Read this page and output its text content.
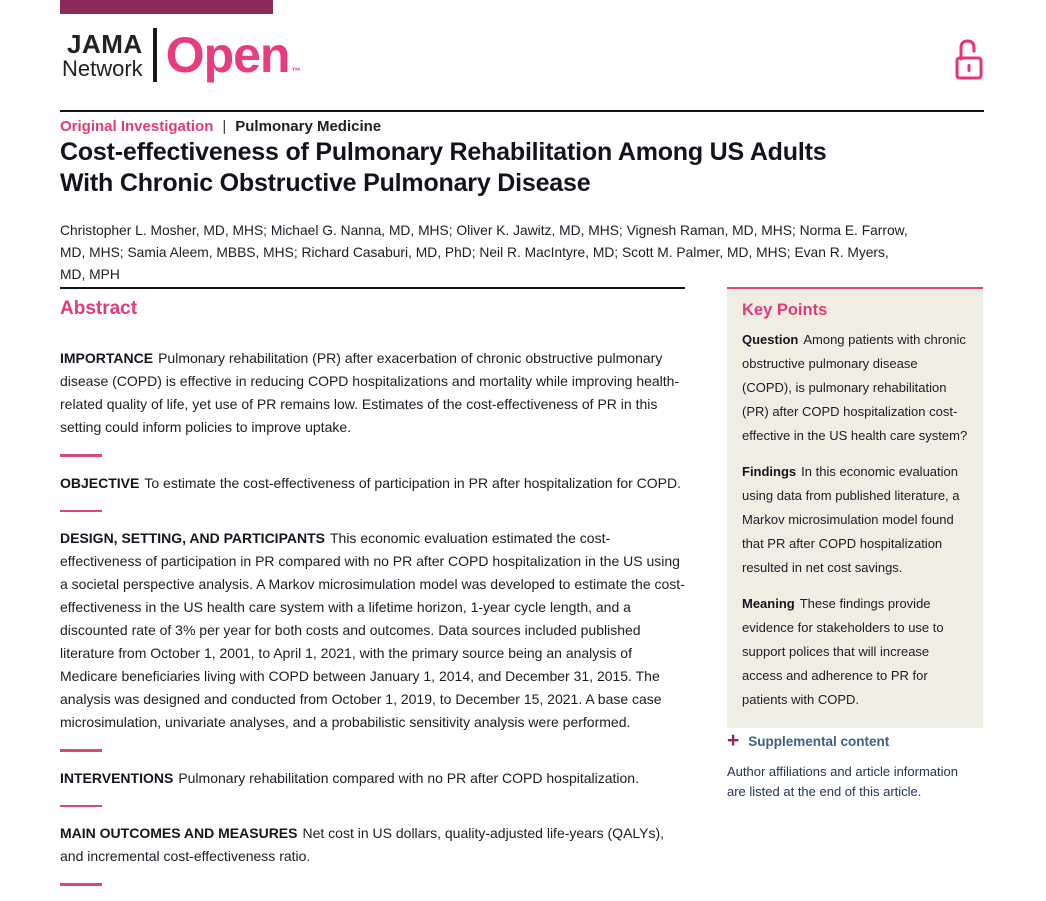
JAMA
Network Open ™
Original Investigation | Pulmonary Medicine
Cost-effectiveness of Pulmonary Rehabilitation Among US Adults With Chronic Obstructive Pulmonary Disease

Christopher L. Mosher, MD, MHS; Michael G. Nanna, MD, MHS; Oliver K. Jawitz, MD, MHS; Vignesh Raman, MD, MHS; Norma E. Farrow, MD, MHS; Samia Aleem, MBBS, MHS; Richard Casaburi, MD, PhD; Neil R. MacIntyre, MD; Scott M. Palmer, MD, MHS; Evan R. Myers, MD, MPH

Abstract

IMPORTANCE Pulmonary rehabilitation (PR) after exacerbation of chronic obstructive pulmonary disease (COPD) is effective in reducing COPD hospitalizations and mortality while improving health-related quality of life, yet use of PR remains low. Estimates of the cost-effectiveness of PR in this setting could inform policies to improve uptake.

OBJECTIVE To estimate the cost-effectiveness of participation in PR after hospitalization for COPD.

DESIGN, SETTING, AND PARTICIPANTS This economic evaluation estimated the cost-effectiveness of participation in PR compared with no PR after COPD hospitalization in the US using a societal perspective analysis. A Markov microsimulation model was developed to estimate the cost-effectiveness in the US health care system with a lifetime horizon, 1-year cycle length, and a discounted rate of 3% per year for both costs and outcomes. Data sources included published literature from October 1, 2001, to April 1, 2021, with the primary source being an analysis of Medicare beneficiaries living with COPD between January 1, 2014, and December 31, 2015. The analysis was designed and conducted from October 1, 2019, to December 15, 2021. A base case microsimulation, univariate analyses, and a probabilistic sensitivity analysis were performed.

INTERVENTIONS Pulmonary rehabilitation compared with no PR after COPD hospitalization.

MAIN OUTCOMES AND MEASURES Net cost in US dollars, quality-adjusted life-years (QALYs), and incremental cost-effectiveness ratio.

Key Points

Question Among patients with chronic obstructive pulmonary disease (COPD), is pulmonary rehabilitation (PR) after COPD hospitalization cost-effective in the US health care system?

Findings In this economic evaluation using data from published literature, a Markov microsimulation model found that PR after COPD hospitalization resulted in net cost savings.

Meaning These findings provide evidence for stakeholders to use to support polices that will increase access and adherence to PR for patients with COPD.

+ Supplemental content

Author affiliations and article information are listed at the end of this article.
